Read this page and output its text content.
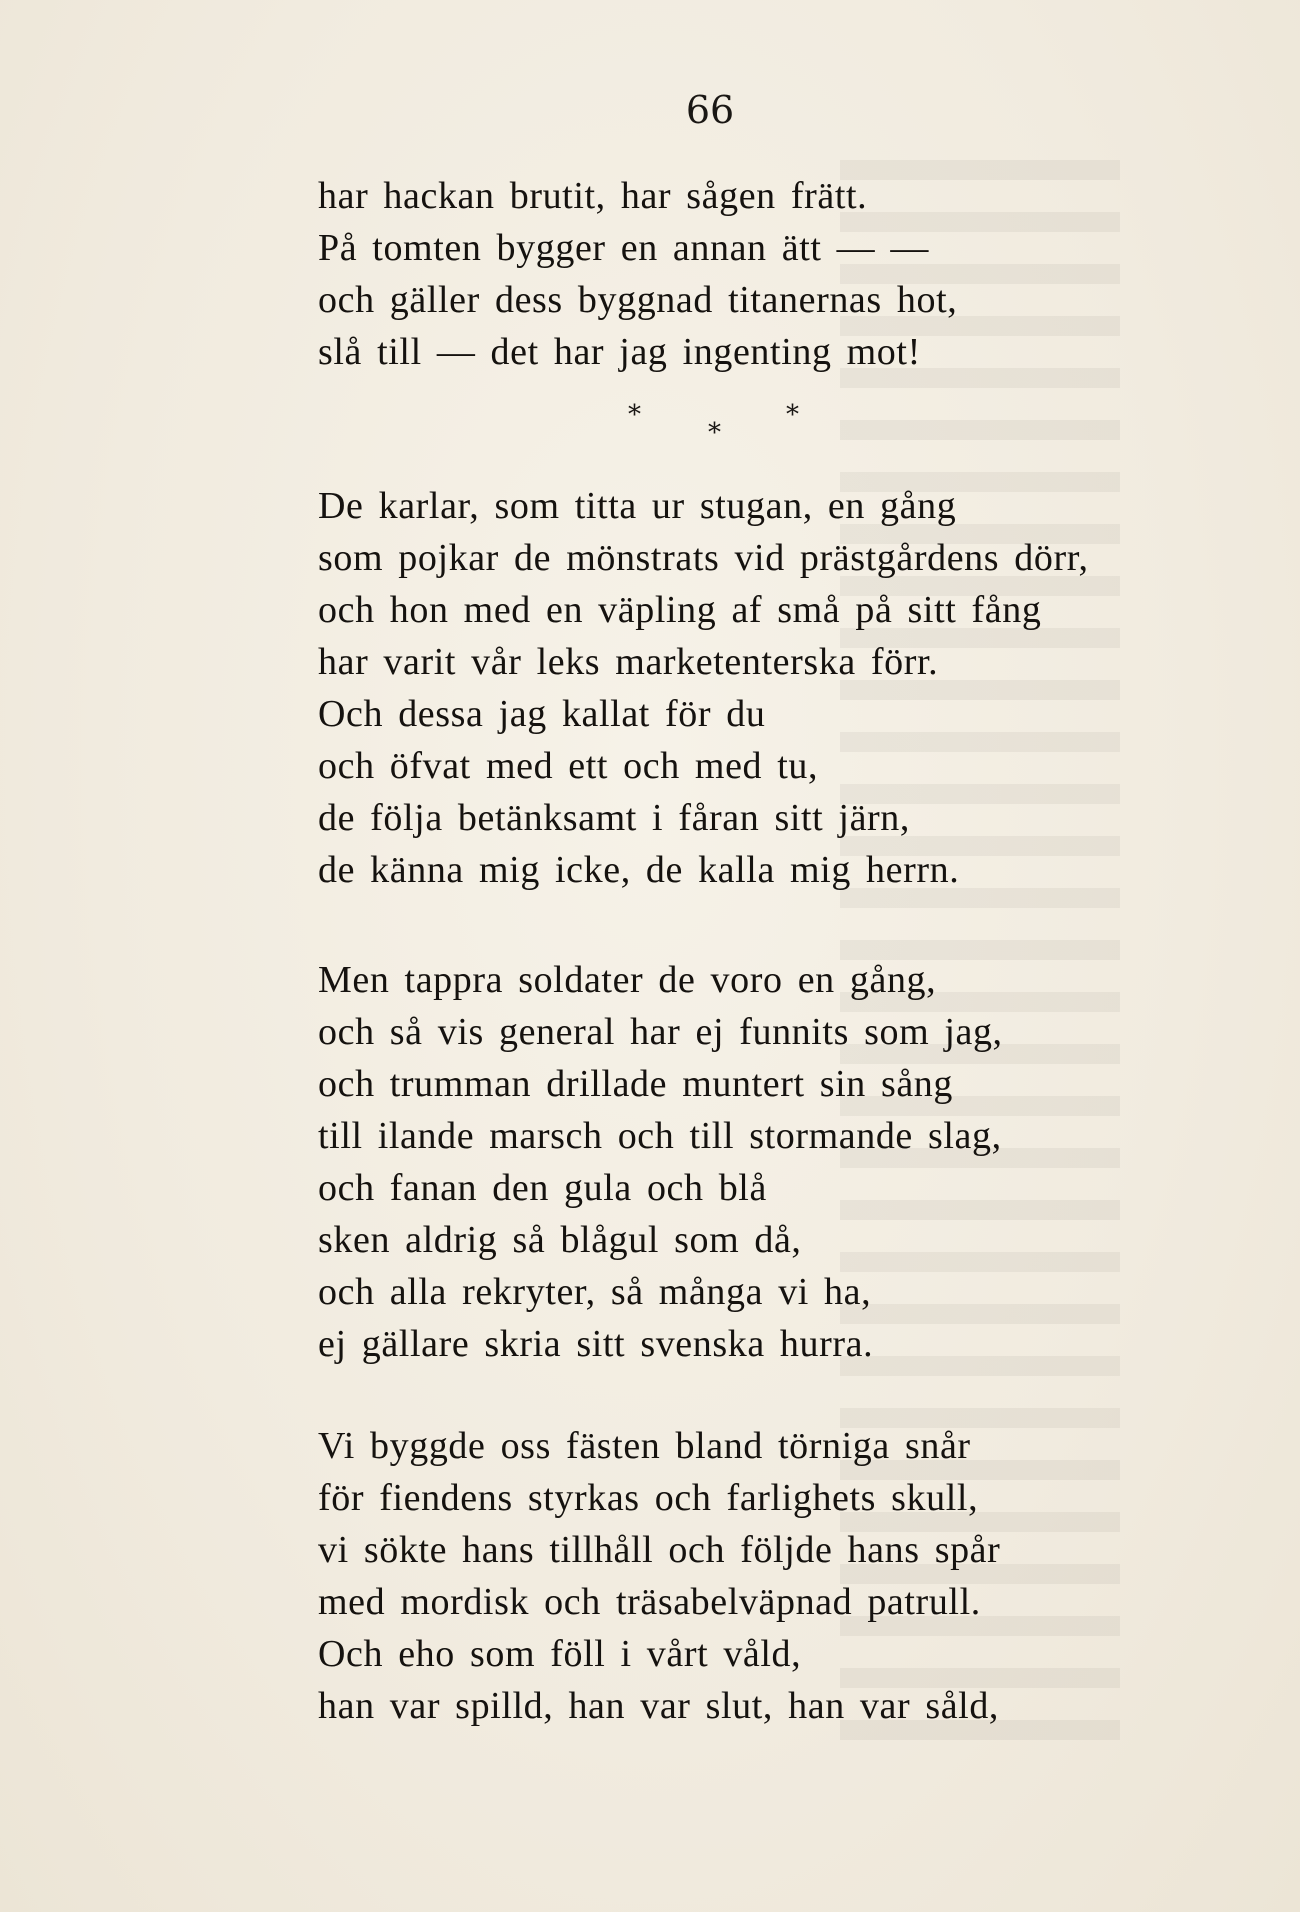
66
har hackan brutit, har sågen frätt.
På tomten bygger en annan ätt — —
och gäller dess byggnad titanernas hot,
slå till — det har jag ingenting mot!
*
*
*
De karlar, som titta ur stugan, en gång
som pojkar de mönstrats vid prästgårdens dörr,
och hon med en väpling af små på sitt fång
har varit vår leks marketenterska förr.
Och dessa jag kallat för du
och öfvat med ett och med tu,
de följa betänksamt i fåran sitt järn,
de känna mig icke, de kalla mig herrn.
Men tappra soldater de voro en gång,
och så vis general har ej funnits som jag,
och trumman drillade muntert sin sång
till ilande marsch och till stormande slag,
och fanan den gula och blå
sken aldrig så blågul som då,
och alla rekryter, så många vi ha,
ej gällare skria sitt svenska hurra.
Vi byggde oss fästen bland törniga snår
för fiendens styrkas och farlighets skull,
vi sökte hans tillhåll och följde hans spår
med mordisk och träsabelväpnad patrull.
Och eho som föll i vårt våld,
han var spilld, han var slut, han var såld,
